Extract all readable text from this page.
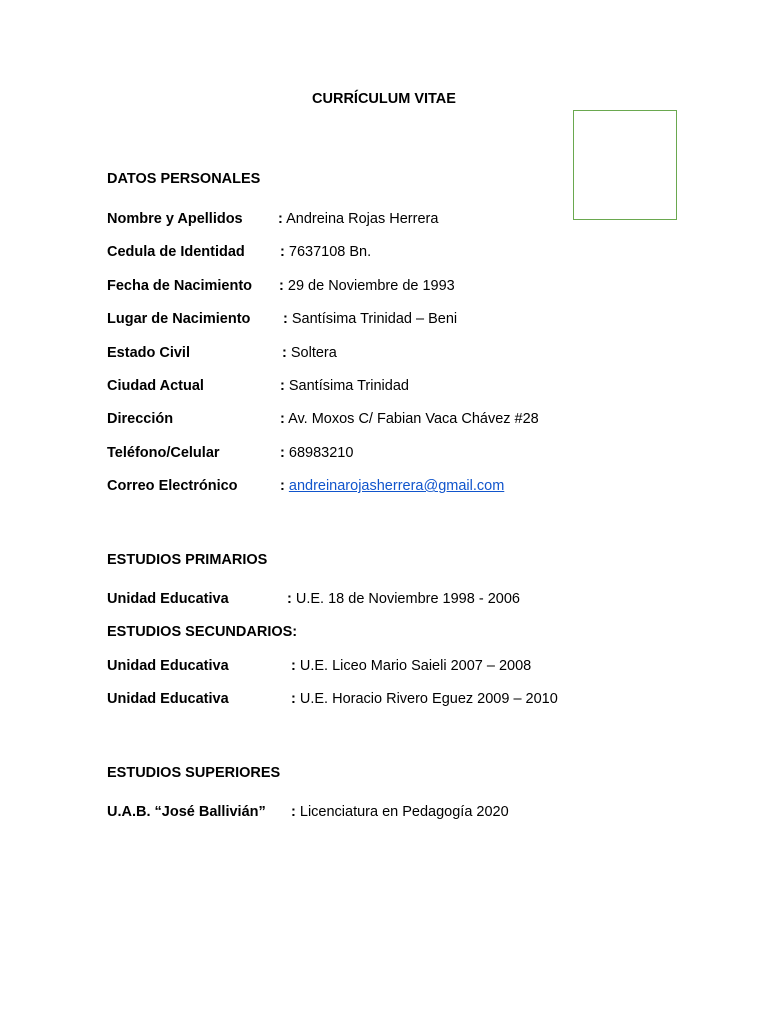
CURRÍCULUM VITAE
DATOS PERSONALES
Nombre y Apellidos : Andreina Rojas Herrera
Cedula de Identidad : 7637108 Bn.
Fecha de Nacimiento : 29 de Noviembre de 1993
Lugar de Nacimiento : Santísima Trinidad – Beni
Estado Civil	: Soltera
Ciudad Actual	: Santísima Trinidad
Dirección	: Av. Moxos C/ Fabian Vaca Chávez #28
Teléfono/Celular	: 68983210
Correo Electrónico	: andreinarojasherrera@gmail.com
ESTUDIOS PRIMARIOS
Unidad Educativa	: U.E. 18 de Noviembre 1998 - 2006
ESTUDIOS SECUNDARIOS:
Unidad Educativa	: U.E. Liceo Mario Saieli 2007 – 2008
Unidad Educativa	: U.E. Horacio Rivero Eguez 2009 – 2010
ESTUDIOS SUPERIORES
U.A.B. “José Ballivián” : Licenciatura en Pedagogía 2020
